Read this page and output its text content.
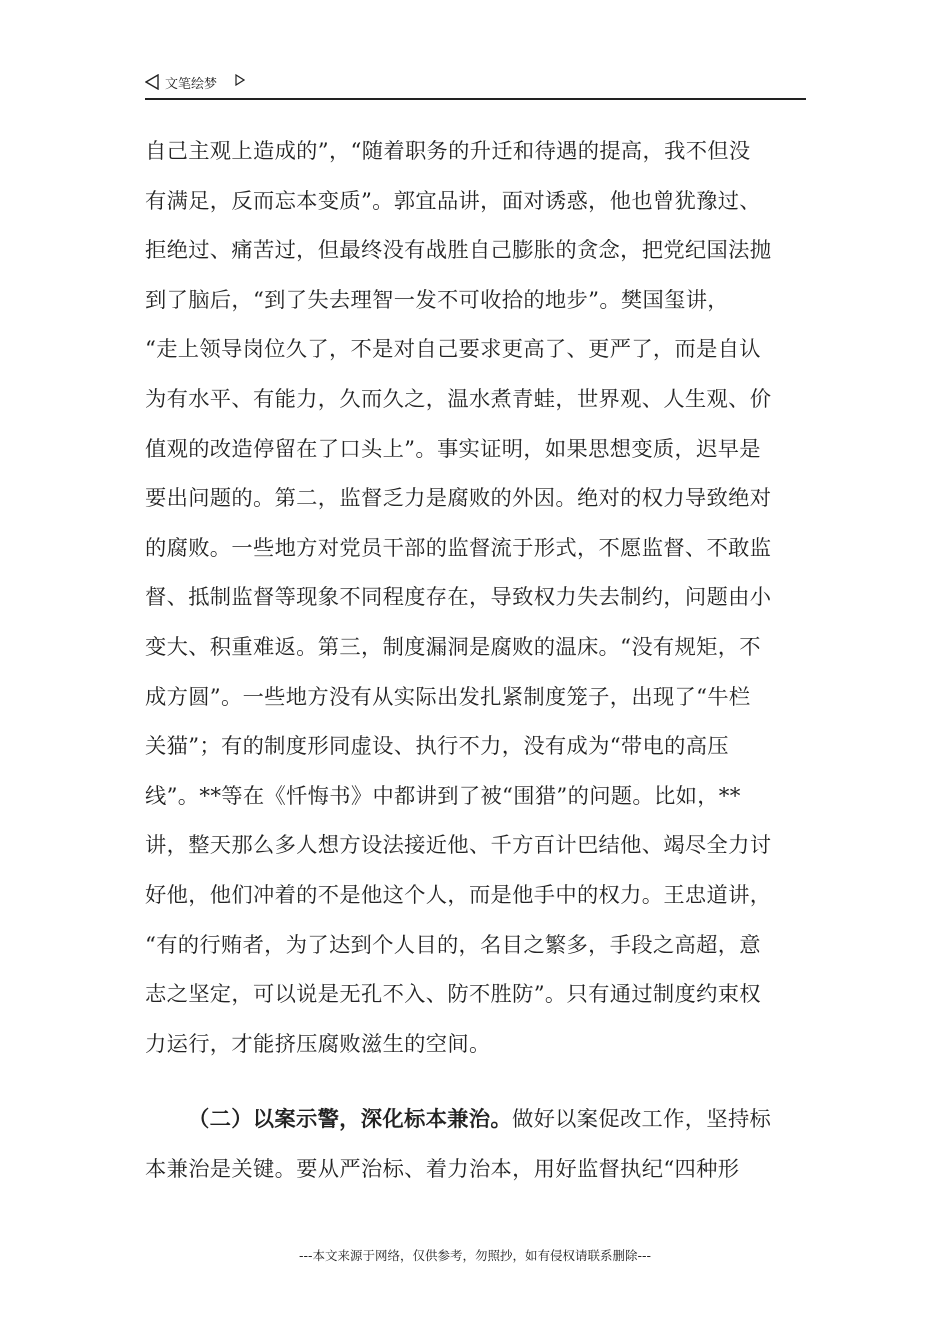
文笔绘梦
自己主观上造成的”，“随着职务的升迁和待遇的提高，我不但没
有满足，反而忘本变质”。郭宜品讲，面对诱惑，他也曾犹豫过、
拒绝过、痛苦过，但最终没有战胜自己膨胀的贪念，把党纪国法抛
到了脑后，“到了失去理智一发不可收拾的地步”。樊国玺讲，
“走上领导岗位久了，不是对自己要求更高了、更严了，而是自认
为有水平、有能力，久而久之，温水煮青蛙，世界观、人生观、价
值观的改造停留在了口头上”。事实证明，如果思想变质，迟早是
要出问题的。第二，监督乏力是腐败的外因。绝对的权力导致绝对
的腐败。一些地方对党员干部的监督流于形式，不愿监督、不敢监
督、抵制监督等现象不同程度存在，导致权力失去制约，问题由小
变大、积重难返。第三，制度漏洞是腐败的温床。“没有规矩，不
成方圆”。一些地方没有从实际出发扎紧制度笼子，出现了“牛栏
关猫”；有的制度形同虚设、执行不力，没有成为“带电的高压
线”。**等在《忏悔书》中都讲到了被“围猎”的问题。比如，**
讲，整天那么多人想方设法接近他、千方百计巴结他、竭尽全力讨
好他，他们冲着的不是他这个人，而是他手中的权力。王忠道讲，
“有的行贿者，为了达到个人目的，名目之繁多，手段之高超，意
志之坚定，可以说是无孔不入、防不胜防”。只有通过制度约束权
力运行，才能挤压腐败滋生的空间。
（二）以案示警，深化标本兼治。做好以案促改工作，坚持标
本兼治是关键。要从严治标、着力治本，用好监督执纪“四种形
---本文来源于网络，仅供参考，勿照抄，如有侵权请联系删除---
